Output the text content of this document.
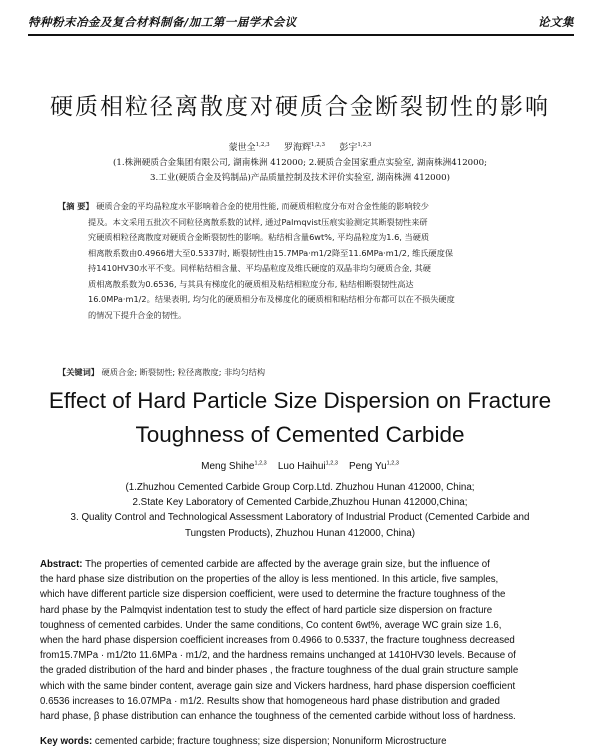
特种粉末冶金及复合材料制备/加工第一届学术会议	论文集
硬质相粒径离散度对硬质合金断裂韧性的影响
蒙世全$^{1,2,3}$ 罗海辉$^{1,2,3}$ 彭宇$^{1,2,3}$
(1.株洲硬质合金集团有限公司, 湖南株洲 412000; 2.硬质合金国家重点实验室, 湖南株洲412000;
3.工业(硬质合金及钨制品)产品质量控制及技术评价实验室, 湖南株洲 412000)
【摘 要】 硬质合金的平均晶粒度水平影响着合金的使用性能, 而硬质相粒度分布对合金性能的影响较少
提及。本文采用五批次不同粒径离散系数的试样, 通过Palmqvist压痕实验测定其断裂韧性来研
究硬质相粒径离散度对硬质合金断裂韧性的影响。粘结相含量6wt%, 平均晶粒度为1.6, 当硬质
相离散系数由0.4966增大至0.5337时, 断裂韧性由15.7MPa·m1/2降至11.6MPa·m1/2, 维氏硬度保
持1410HV30水平不变。同样粘结相含量、平均晶粒度及维氏硬度的双晶非均匀硬质合金, 其硬
质相离散系数为0.6536, 与其具有梯度化的硬质相及粘结相粒度分布, 粘结相断裂韧性高达
16.0MPa·m1/2。结果表明, 均匀化的硬质相分布及梯度化的硬质相和粘结相分布都可以在不损失硬度
的情况下提升合金的韧性。
【关键词】 硬质合金; 断裂韧性; 粒径离散度; 非均匀结构
Effect of Hard Particle Size Dispersion on Fracture
Toughness of Cemented Carbide
Meng Shihe$^{1,2,3}$ Luo Haihui$^{1,2,3}$ Peng Yu$^{1,2,3}$
(1.Zhuzhou Cemented Carbide Group Corp.Ltd. Zhuzhou Hunan 412000, China;
2.State Key Laboratory of Cemented Carbide,Zhuzhou Hunan 412000,China;
3. Quality Control and Technological Assessment Laboratory of Industrial Product (Cemented Carbide and
Tungsten Products), Zhuzhou Hunan 412000, China)
Abstract: The properties of cemented carbide are affected by the average grain size, but the influence of
the hard phase size distribution on the properties of the alloy is less mentioned. In this article, five samples,
which have different particle size dispersion coefficient, were used to determine the fracture toughness of the
hard phase by the Palmqvist indentation test to study the effect of hard particle size dispersion on fracture
toughness of cemented carbides. Under the same conditions, Co content 6wt%, average WC grain size 1.6,
when the hard phase dispersion coefficient increases from 0.4966 to 0.5337, the fracture toughness decreased
from15.7MPa · m1/2to 11.6MPa · m1/2, and the hardness remains unchanged at 1410HV30 levels. Because of
the graded distribution of the hard and binder phases , the fracture toughness of the dual grain structure sample
which with the same binder content, average gain size and Vickers hardness, hard phase dispersion coefficient
0.6536 increases to 16.07MPa · m1/2. Results show that homogeneous hard phase distribution and graded
hard phase, β phase distribution can enhance the toughness of the cemented carbide without loss of hardness.
Key words: cemented carbide; fracture toughness; size dispersion; Nonuniform Microstructure
